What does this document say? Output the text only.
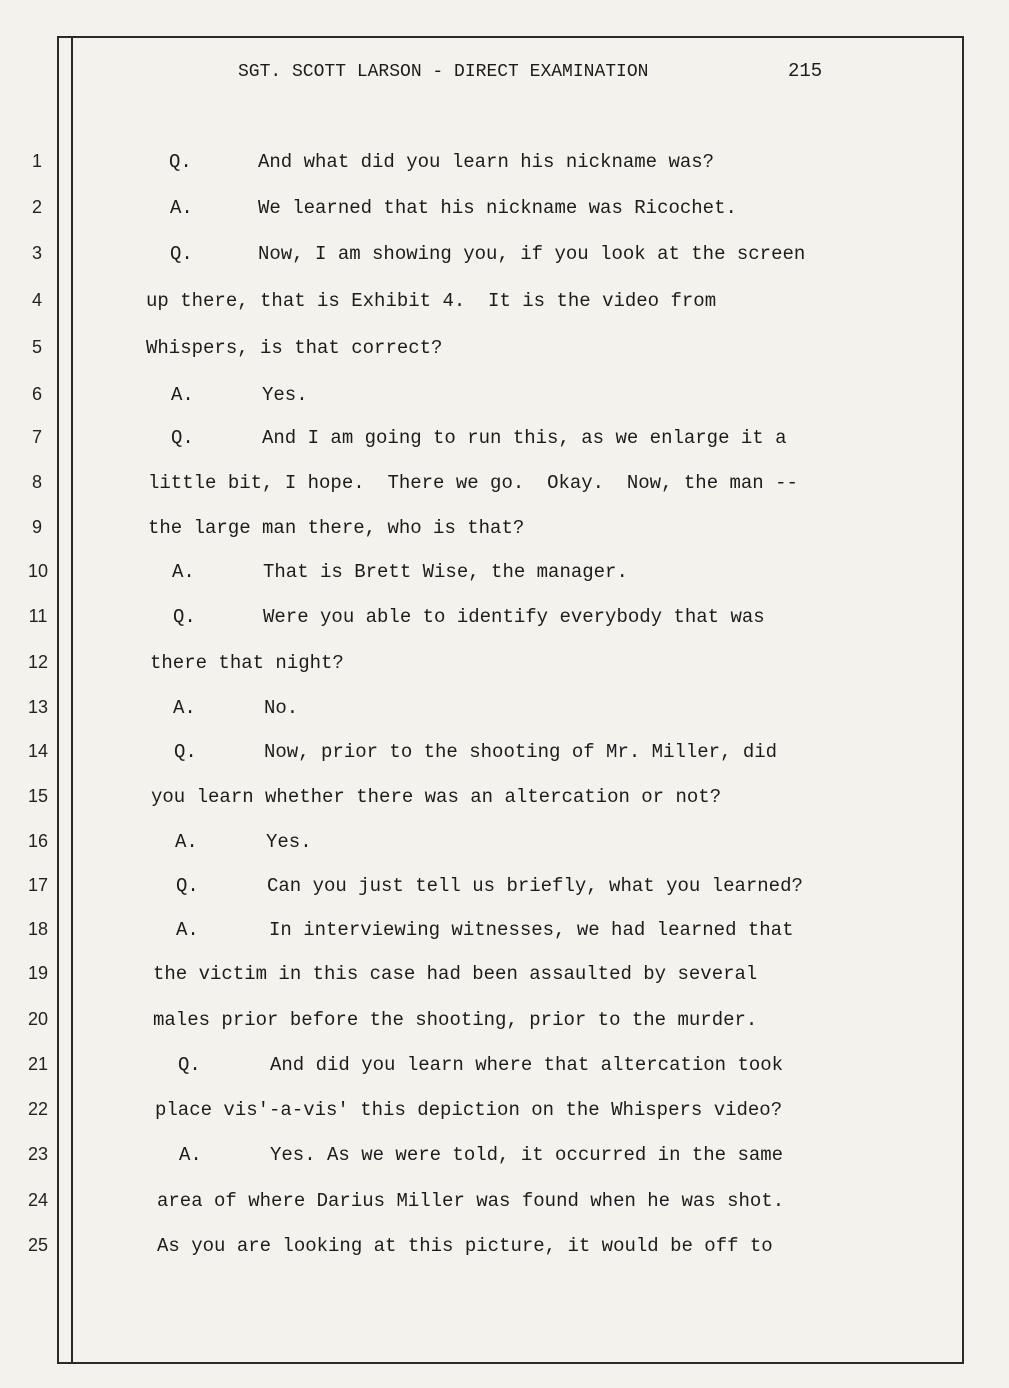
SGT. SCOTT LARSON - DIRECT EXAMINATION	215
1	Q.	And what did you learn his nickname was?
2	A.	We learned that his nickname was Ricochet.
3	Q.	Now, I am showing you, if you look at the screen
4	up there, that is Exhibit 4.  It is the video from
5	Whispers, is that correct?
6	A.	Yes.
7	Q.	And I am going to run this, as we enlarge it a
8	little bit, I hope.  There we go.  Okay.  Now, the man --
9	the large man there, who is that?
10	A.	That is Brett Wise, the manager.
11	Q.	Were you able to identify everybody that was
12	there that night?
13	A.	No.
14	Q.	Now, prior to the shooting of Mr. Miller, did
15	you learn whether there was an altercation or not?
16	A.	Yes.
17	Q.	Can you just tell us briefly, what you learned?
18	A.	In interviewing witnesses, we had learned that
19	the victim in this case had been assaulted by several
20	males prior before the shooting, prior to the murder.
21	Q.	And did you learn where that altercation took
22	place vis'-a-vis' this depiction on the Whispers video?
23	A.	Yes. As we were told, it occurred in the same
24	area of where Darius Miller was found when he was shot.
25	As you are looking at this picture, it would be off to
